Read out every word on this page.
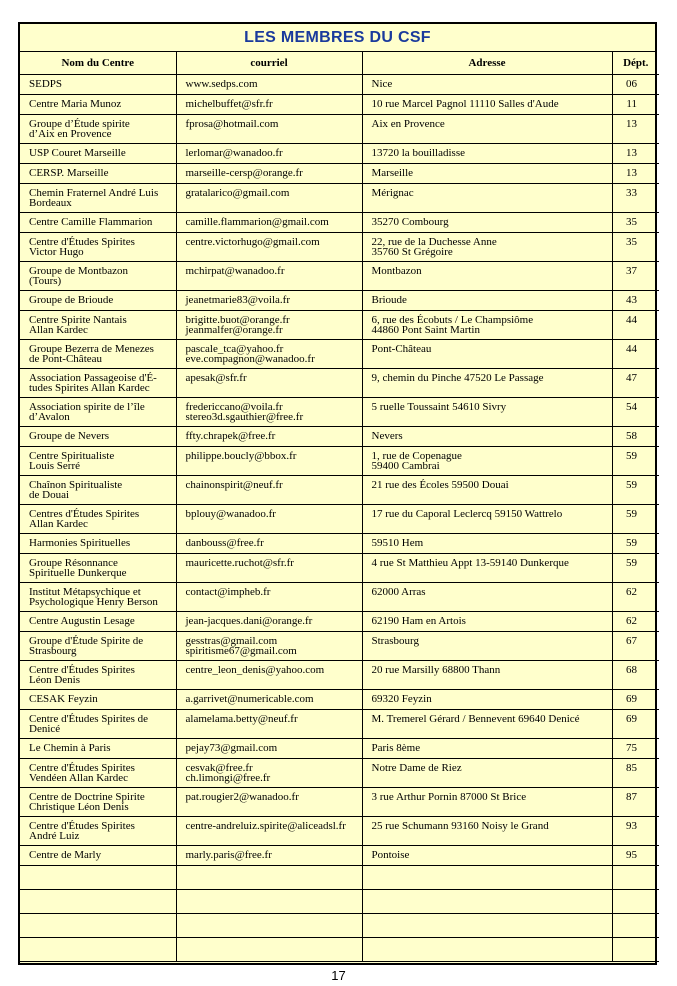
LES MEMBRES DU CSF
Nom du Centre	courriel	Adresse	Dépt.

SEDPS	www.sedps.com	Nice	06

Centre Maria Munoz	michelbuffet@sfr.fr	10 rue Marcel Pagnol 11110 Salles d'Aude	11

Groupe d’Étude spirite
d’Aix en Provence	fprosa@hotmail.com	Aix en Provence	13

USP Couret Marseille	lerlomar@wanadoo.fr	13720 la bouilladisse	13

CERSP. Marseille	marseille-cersp@orange.fr	Marseille	13

Chemin Fraternel André Luis
Bordeaux	gratalarico@gmail.com	Mérignac	33

Centre Camille Flammarion	camille.flammarion@gmail.com	35270 Combourg	35

Centre d'Études Spirites
Victor Hugo	centre.victorhugo@gmail.com	22, rue de la Duchesse Anne
35760 St Grégoire	35

Groupe de Montbazon
(Tours)	mchirpat@wanadoo.fr	Montbazon	37

Groupe de Brioude	jeanetmarie83@voila.fr	Brioude	43

Centre Spirite Nantais
Allan Kardec	brigitte.buot@orange.fr
jeanmalfer@orange.fr	6, rue des Écobuts / Le Champsiôme
44860 Pont Saint Martin	44

Groupe Bezerra de Menezes
de Pont-Château	pascale_tca@yahoo.fr
eve.compagnon@wanadoo.fr	Pont-Château	44

Association Passageoise d'É-
tudes Spirites Allan Kardec	apesak@sfr.fr	9, chemin du Pinche 47520 Le Passage	47

Association spirite de l’île
d’Avalon	fredericcano@voila.fr
stereo3d.sgauthier@free.fr	5 ruelle Toussaint 54610 Sivry	54

Groupe de Nevers	ffty.chrapek@free.fr	Nevers	58

Centre Spiritualiste
Louis Serré	philippe.boucly@bbox.fr	1, rue de Copenague
59400 Cambrai	59

Chaînon Spiritualiste
de Douai	chainonspirit@neuf.fr	21 rue des Écoles 59500 Douai	59

Centres d'Études Spirites
Allan Kardec	bplouy@wanadoo.fr	17 rue du Caporal Leclercq 59150 Wattrelo	59

Harmonies Spirituelles	danbouss@free.fr	59510 Hem	59

Groupe Résonnance
Spirituelle Dunkerque	mauricette.ruchot@sfr.fr	4 rue St Matthieu Appt 13-59140 Dunkerque	59

Institut Métapsychique et
Psychologique Henry Berson	contact@impheb.fr	62000 Arras	62

Centre Augustin Lesage	jean-jacques.dani@orange.fr	62190 Ham en Artois	62

Groupe d'Étude Spirite de
Strasbourg	gesstras@gmail.com
spiritisme67@gmail.com	Strasbourg	67

Centre d'Études Spirites
Léon Denis	centre_leon_denis@yahoo.com	20 rue Marsilly 68800 Thann	68

CESAK Feyzin	a.garrivet@numericable.com	69320 Feyzin	69

Centre d'Études Spirites de
Denicé	alamelama.betty@neuf.fr	M. Tremerel Gérard / Bennevent 69640 Denicé	69

Le Chemin à Paris	pejay73@gmail.com	Paris 8ème	75

Centre d'Études Spirites
Vendéen Allan Kardec	cesvak@free.fr
ch.limongi@free.fr	Notre Dame de Riez	85

Centre de Doctrine Spirite
Christique Léon Denis	pat.rougier2@wanadoo.fr	3 rue Arthur Pornin 87000 St Brice	87

Centre d'Études Spirites
André Luiz	centre-andreluiz.spirite@aliceadsl.fr	25 rue Schumann 93160 Noisy le Grand	93

Centre de Marly	marly.paris@free.fr	Pontoise	95

17
